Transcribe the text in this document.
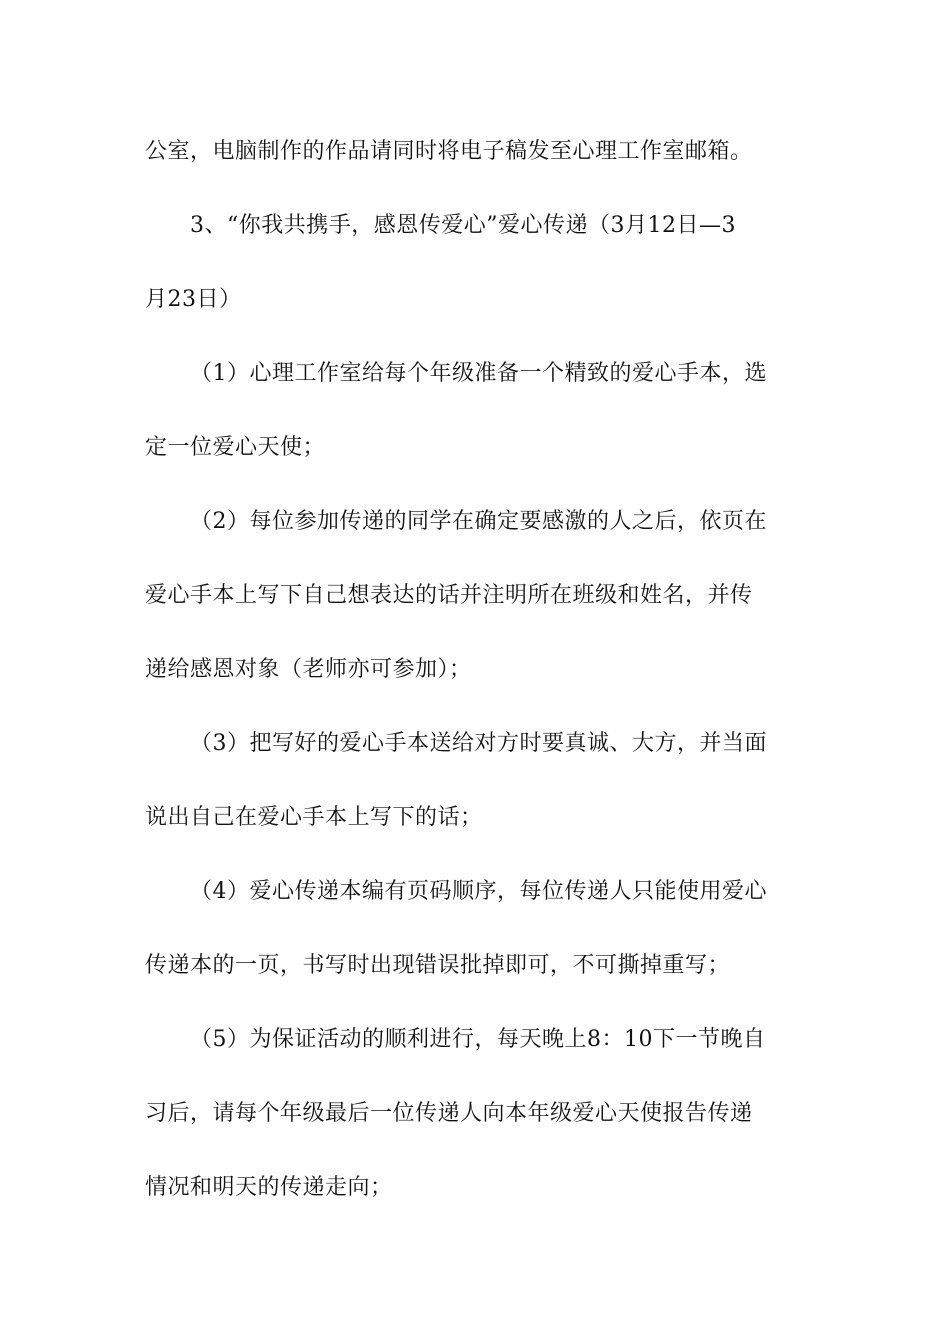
公室，电脑制作的作品请同时将电子稿发至心理工作室邮箱。

3、“你我共携手，感恩传爱心”爱心传递（3月12日—3

月23日）

（1）心理工作室给每个年级准备一个精致的爱心手本，选

定一位爱心天使；

（2）每位参加传递的同学在确定要感激的人之后，依页在

爱心手本上写下自己想表达的话并注明所在班级和姓名，并传

递给感恩对象（老师亦可参加）；

（3）把写好的爱心手本送给对方时要真诚、大方，并当面

说出自己在爱心手本上写下的话；

（4）爱心传递本编有页码顺序，每位传递人只能使用爱心

传递本的一页，书写时出现错误批掉即可，不可撕掉重写；

（5）为保证活动的顺利进行，每天晚上8：10下一节晚自

习后，请每个年级最后一位传递人向本年级爱心天使报告传递

情况和明天的传递走向；
